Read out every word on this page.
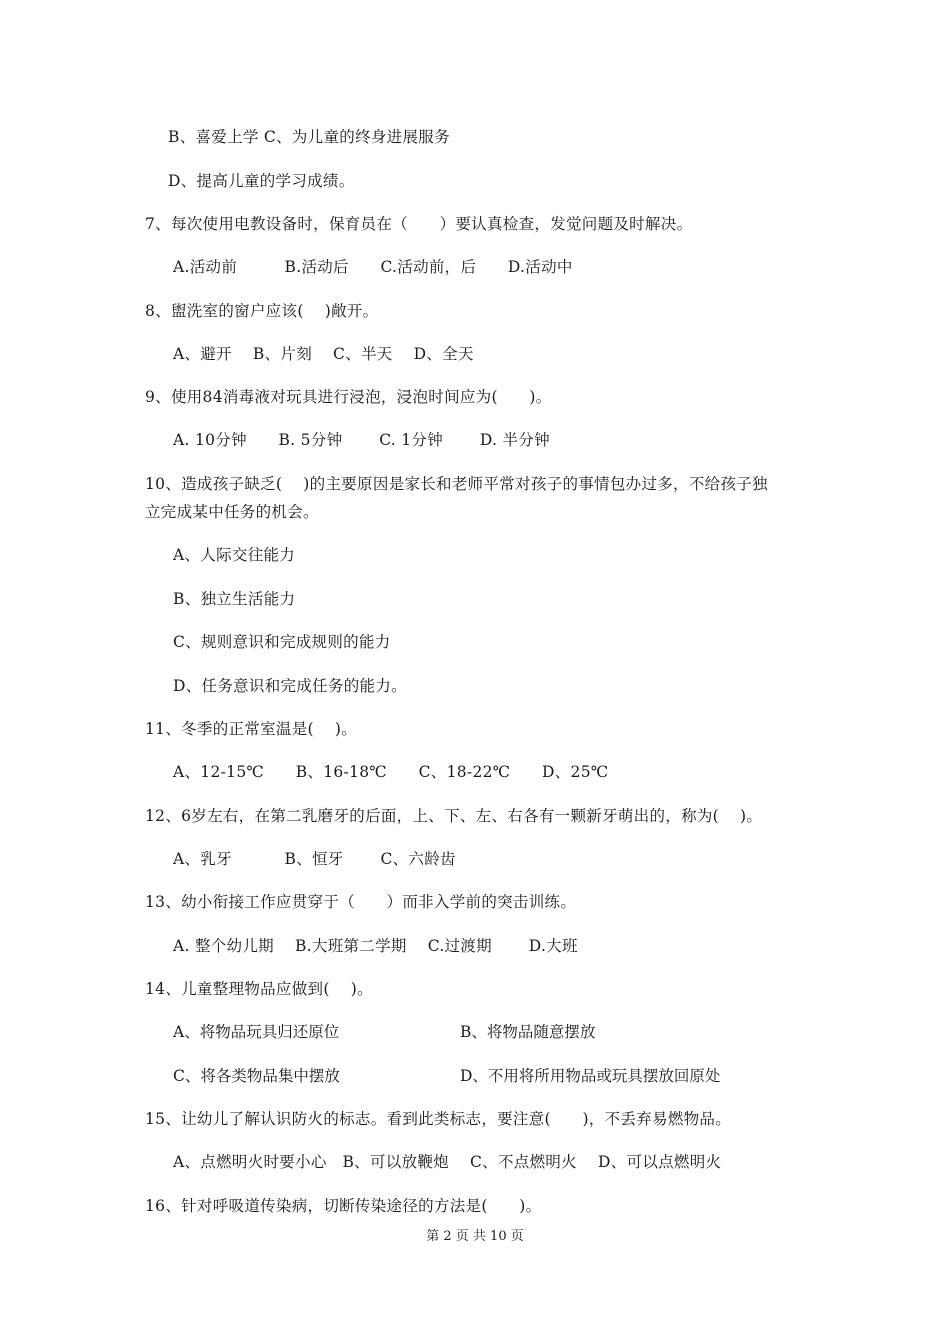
B、喜爱上学 C、为儿童的终身进展服务
D、提高儿童的学习成绩。
7、每次使用电教设备时，保育员在（　　）要认真检查，发觉问题及时解决。
A.活动前　　　B.活动后　　C.活动前，后　　D.活动中
8、盥洗室的窗户应该(　 )敞开。
A、避开　 B、片刻　 C、半天　 D、全天
9、使用84消毒液对玩具进行浸泡，浸泡时间应为(　　)。
A. 10分钟　　B. 5分钟　　 C. 1分钟　　 D. 半分钟
10、造成孩子缺乏(　 )的主要原因是家长和老师平常对孩子的事情包办过多，不给孩子独
立完成某中任务的机会。
A、人际交往能力
B、独立生活能力
C、规则意识和完成规则的能力
D、任务意识和完成任务的能力。
11、冬季的正常室温是(　 )。
A、12-15℃　　B、16-18℃　　C、18-22℃　　D、25℃
12、6岁左右，在第二乳磨牙的后面，上、下、左、右各有一颗新牙萌出的，称为(　 )。
A、乳牙　　　 B、恒牙　　 C、六龄齿
13、幼小衔接工作应贯穿于（　　）而非入学前的突击训练。
A. 整个幼儿期　 B.大班第二学期　 C.过渡期　　 D.大班
14、儿童整理物品应做到(　 )。
A、将物品玩具归还原位	B、将物品随意摆放
C、将各类物品集中摆放	D、不用将所用物品或玩具摆放回原处
15、让幼儿了解认识防火的标志。看到此类标志，要注意(　　)，不丢弃易燃物品。
A、点燃明火时要小心　B、可以放鞭炮　 C、不点燃明火　 D、可以点燃明火
16、针对呼吸道传染病，切断传染途径的方法是(　　)。
第 2 页 共 10 页
